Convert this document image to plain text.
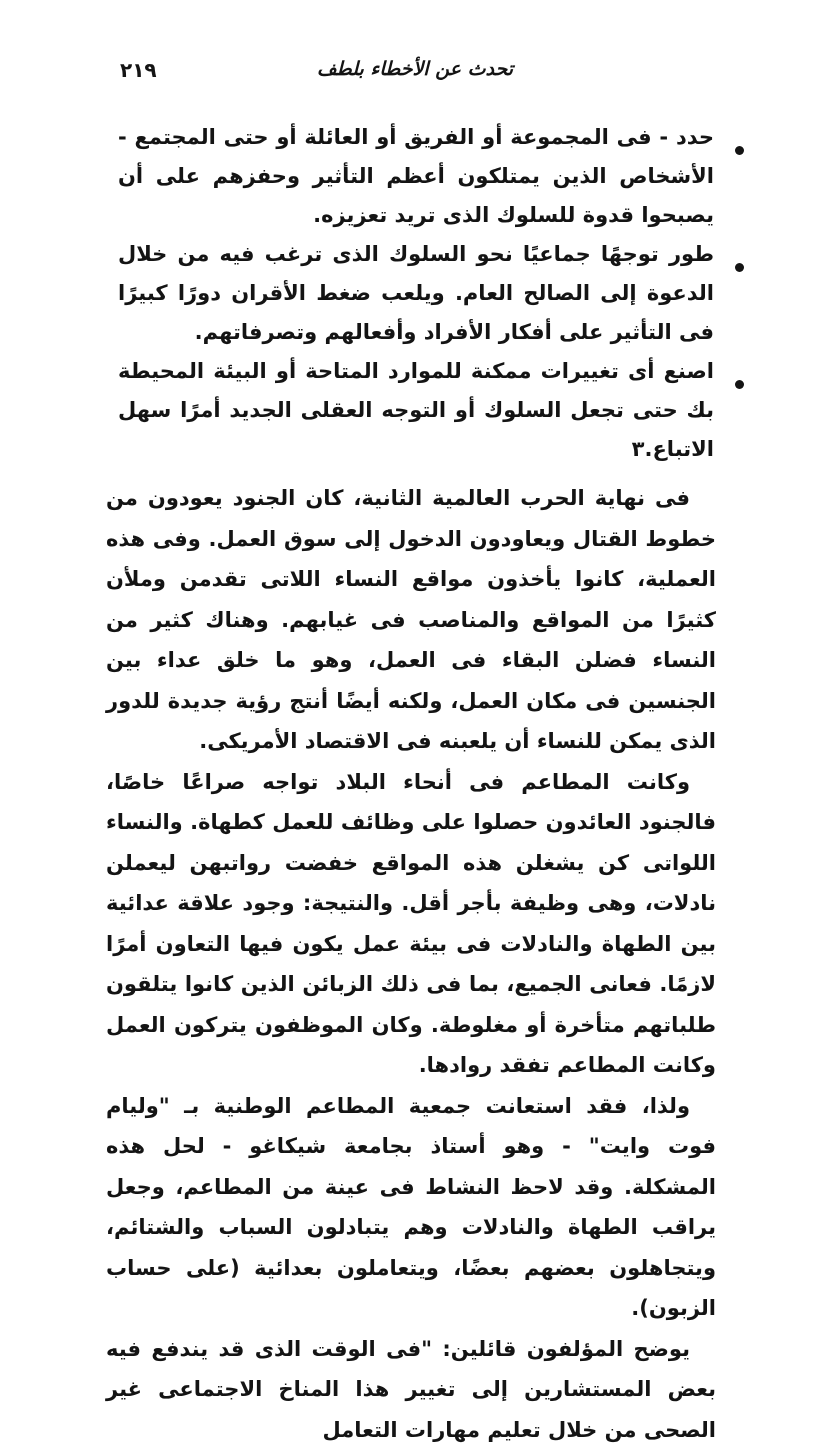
تحدث عن الأخطاء بلطف
٢١٩
حدد - فى المجموعة أو الفريق أو العائلة أو حتى المجتمع - الأشخاص الذين يمتلكون أعظم التأثير وحفزهم على أن يصبحوا قدوة للسلوك الذى تريد تعزيزه.
طور توجهًا جماعيًا نحو السلوك الذى ترغب فيه من خلال الدعوة إلى الصالح العام. ويلعب ضغط الأقران دورًا كبيرًا فى التأثير على أفكار الأفراد وأفعالهم وتصرفاتهم.
اصنع أى تغييرات ممكنة للموارد المتاحة أو البيئة المحيطة بك حتى تجعل السلوك أو التوجه العقلى الجديد أمرًا سهل الاتباع.٣

فى نهاية الحرب العالمية الثانية، كان الجنود يعودون من خطوط القتال ويعاودون الدخول إلى سوق العمل. وفى هذه العملية، كانوا يأخذون مواقع النساء اللاتى تقدمن وملأن كثيرًا من المواقع والمناصب فى غيابهم. وهناك كثير من النساء فضلن البقاء فى العمل، وهو ما خلق عداء بين الجنسين فى مكان العمل، ولكنه أيضًا أنتج رؤية جديدة للدور الذى يمكن للنساء أن يلعبنه فى الاقتصاد الأمريكى.

وكانت المطاعم فى أنحاء البلاد تواجه صراعًا خاصًا، فالجنود العائدون حصلوا على وظائف للعمل كطهاة. والنساء اللواتى كن يشغلن هذه المواقع خفضت رواتبهن ليعملن نادلات، وهى وظيفة بأجر أقل. والنتيجة: وجود علاقة عدائية بين الطهاة والنادلات فى بيئة عمل يكون فيها التعاون أمرًا لازمًا. فعانى الجميع، بما فى ذلك الزبائن الذين كانوا يتلقون طلباتهم متأخرة أو مغلوطة. وكان الموظفون يتركون العمل وكانت المطاعم تفقد روادها.

ولذا، فقد استعانت جمعية المطاعم الوطنية بـ "وليام فوت وايت" - وهو أستاذ بجامعة شيكاغو - لحل هذه المشكلة. وقد لاحظ النشاط فى عينة من المطاعم، وجعل يراقب الطهاة والنادلات وهم يتبادلون السباب والشتائم، ويتجاهلون بعضهم بعضًا، ويتعاملون بعدائية (على حساب الزبون).

يوضح المؤلفون قائلين: "فى الوقت الذى قد يندفع فيه بعض المستشارين إلى تغيير هذا المناخ الاجتماعى غير الصحى من خلال تعليم مهارات التعامل
